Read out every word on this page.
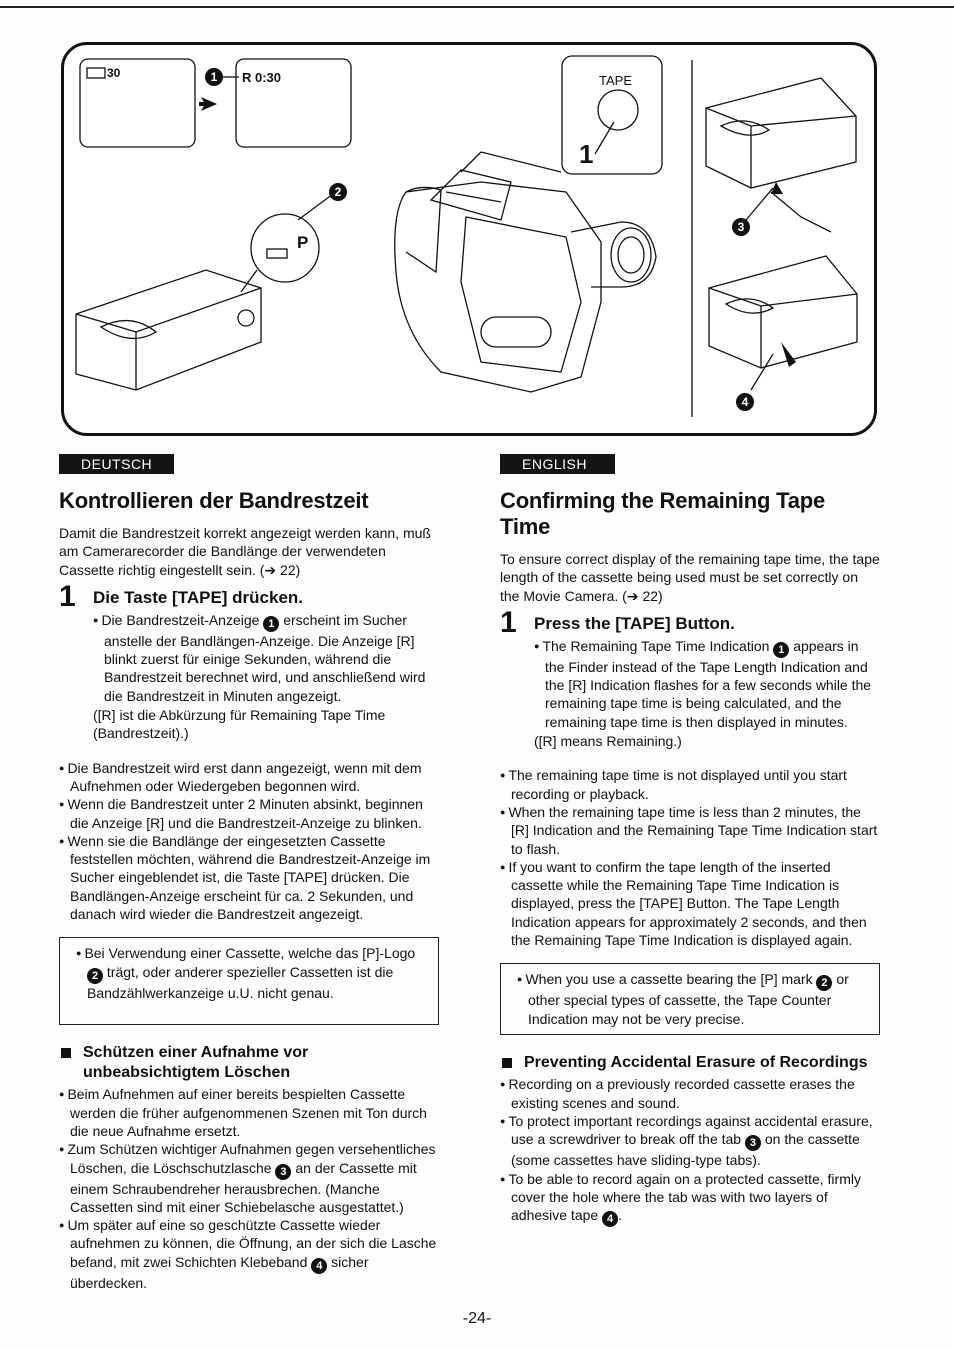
30	R 0:30
P
TAPE
1
1
2
3
4
DEUTSCH
Kontrollieren der Bandrestzeit

Damit die Bandrestzeit korrekt angezeigt werden kann, muß am Camerarecorder die Bandlänge der verwendeten Cassette richtig eingestellt sein. (➔ 22)

1	Die Taste [TAPE] drücken.
● Die Bandrestzeit-Anzeige 1 erscheint im Sucher anstelle der Bandlängen-Anzeige. Die Anzeige [R] blinkt zuerst für einige Sekunden, während die Bandrestzeit berechnet wird, und anschließend wird die Bandrestzeit in Minuten angezeigt.
([R] ist die Abkürzung für Remaining Tape Time (Bandrestzeit).)
● Die Bandrestzeit wird erst dann angezeigt, wenn mit dem Aufnehmen oder Wiedergeben begonnen wird.
● Wenn die Bandrestzeit unter 2 Minuten absinkt, beginnen die Anzeige [R] und die Bandrestzeit-Anzeige zu blinken.
● Wenn sie die Bandlänge der eingesetzten Cassette feststellen möchten, während die Bandrestzeit-Anzeige im Sucher eingeblendet ist, die Taste [TAPE] drücken. Die Bandlängen-Anzeige erscheint für ca. 2 Sekunden, und danach wird wieder die Bandrestzeit angezeigt.
● Bei Verwendung einer Cassette, welche das [P]-Logo 2 trägt, oder anderer spezieller Cassetten ist die Bandzählwerkanzeige u.U. nicht genau.
Schützen einer Aufnahme vor unbeabsichtigtem Löschen
● Beim Aufnehmen auf einer bereits bespielten Cassette werden die früher aufgenommenen Szenen mit Ton durch die neue Aufnahme ersetzt.
● Zum Schützen wichtiger Aufnahmen gegen versehentliches Löschen, die Löschschutzlasche 3 an der Cassette mit einem Schraubendreher herausbrechen. (Manche Cassetten sind mit einer Schiebelasche ausgestattet.)
● Um später auf eine so geschützte Cassette wieder aufnehmen zu können, die Öffnung, an der sich die Lasche befand, mit zwei Schichten Klebeband 4 sicher überdecken.
ENGLISH
Confirming the Remaining Tape Time

To ensure correct display of the remaining tape time, the tape length of the cassette being used must be set correctly on the Movie Camera. (➔ 22)

1	Press the [TAPE] Button.
● The Remaining Tape Time Indication 1 appears in the Finder instead of the Tape Length Indication and the [R] Indication flashes for a few seconds while the remaining tape time is being calculated, and the remaining tape time is then displayed in minutes.
([R] means Remaining.)
● The remaining tape time is not displayed until you start recording or playback.
● When the remaining tape time is less than 2 minutes, the [R] Indication and the Remaining Tape Time Indication start to flash.
● If you want to confirm the tape length of the inserted cassette while the Remaining Tape Time Indication is displayed, press the [TAPE] Button. The Tape Length Indication appears for approximately 2 seconds, and then the Remaining Tape Time Indication is displayed again.
● When you use a cassette bearing the [P] mark 2 or other special types of cassette, the Tape Counter Indication may not be very precise.
Preventing Accidental Erasure of Recordings
● Recording on a previously recorded cassette erases the existing scenes and sound.
● To protect important recordings against accidental erasure, use a screwdriver to break off the tab 3 on the cassette (some cassettes have sliding-type tabs).
● To be able to record again on a protected cassette, firmly cover the hole where the tab was with two layers of adhesive tape 4 .
-24-
